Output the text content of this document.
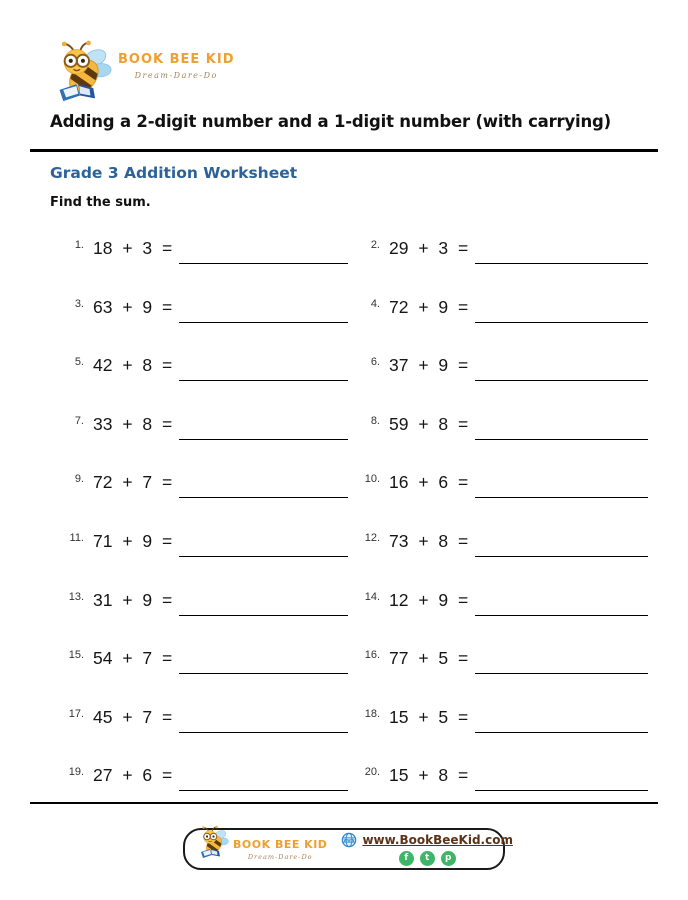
BOOK BEE KID
Dream-Dare-Do
Adding a 2-digit number and a 1-digit number (with carrying)
Grade 3 Addition Worksheet
Find the sum.
1. 18 + 3 =	2. 29 + 3 =
3. 63 + 9 =	4. 72 + 9 =
5. 42 + 8 =	6. 37 + 9 =
7. 33 + 8 =	8. 59 + 8 =
9. 72 + 7 =	10. 16 + 6 =
11. 71 + 9 =	12. 73 + 8 =
13. 31 + 9 =	14. 12 + 9 =
15. 54 + 7 =	16. 77 + 5 =
17. 45 + 7 =	18. 15 + 5 =
19. 27 + 6 =	20. 15 + 8 =
BOOK BEE KID
Dream-Dare-Do
www www.BookBeeKid.com
f	t	p
